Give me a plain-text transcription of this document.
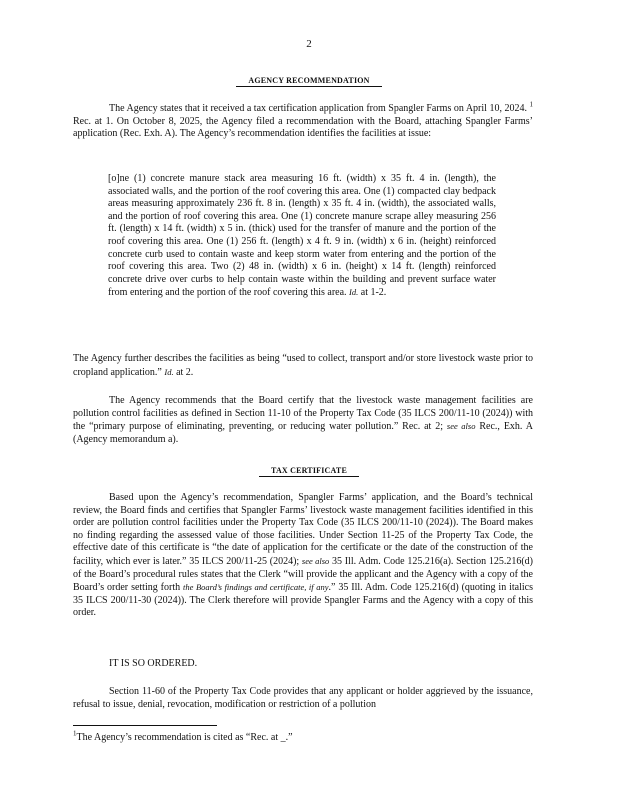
2
AGENCY RECOMMENDATION

The Agency states that it received a tax certification application from Spangler Farms on April 10, 2024. $^1$ Rec. at 1. On October 8, 2025, the Agency filed a recommendation with the Board, attaching Spangler Farms’ application (Rec. Exh. A). The Agency’s recommendation identifies the facilities at issue:

[o]ne (1) concrete manure stack area measuring 16 ft. (width) x 35 ft. 4 in. (length), the associated walls, and the portion of the roof covering this area. One (1) compacted clay bedpack areas measuring approximately 236 ft. 8 in. (length) x 35 ft. 4 in. (width), the associated walls, and the portion of roof covering this area. One (1) concrete manure scrape alley measuring 256 ft. (length) x 14 ft. (width) x 5 in. (thick) used for the transfer of manure and the portion of the roof covering this area. One (1) 256 ft. (length) x 4 ft. 9 in. (width) x 6 in. (height) reinforced concrete curb used to contain waste and keep storm water from entering and the portion of the roof covering this area. Two (2) 48 in. (width) x 6 in. (height) x 14 ft. (length) reinforced concrete drive over curbs to help contain waste within the building and prevent surface water from entering and the portion of the roof covering this area. Id. at 1-2.

The Agency further describes the facilities as being “used to collect, transport and/or store livestock waste prior to cropland application.” Id. at 2.

The Agency recommends that the Board certify that the livestock waste management facilities are pollution control facilities as defined in Section 11-10 of the Property Tax Code (35 ILCS 200/11-10 (2024)) with the “primary purpose of eliminating, preventing, or reducing water pollution.” Rec. at 2; see also Rec., Exh. A (Agency memorandum a).

TAX CERTIFICATE

Based upon the Agency’s recommendation, Spangler Farms’ application, and the Board’s technical review, the Board finds and certifies that Spangler Farms’ livestock waste management facilities identified in this order are pollution control facilities under the Property Tax Code (35 ILCS 200/11-10 (2024)). The Board makes no finding regarding the assessed value of those facilities. Under Section 11-25 of the Property Tax Code, the effective date of this certificate is “the date of application for the certificate or the date of the construction of the facility, which ever is later.” 35 ILCS 200/11-25 (2024); see also 35 Ill. Adm. Code 125.216(a). Section 125.216(d) of the Board’s procedural rules states that the Clerk “will provide the applicant and the Agency with a copy of the Board’s order setting forth the Board’s findings and certificate, if any.” 35 Ill. Adm. Code 125.216(d) (quoting in italics 35 ILCS 200/11-30 (2024)). The Clerk therefore will provide Spangler Farms and the Agency with a copy of this order.

IT IS SO ORDERED.

Section 11-60 of the Property Tax Code provides that any applicant or holder aggrieved by the issuance, refusal to issue, denial, revocation, modification or restriction of a pollution

$^1$The Agency’s recommendation is cited as “Rec. at _.”
